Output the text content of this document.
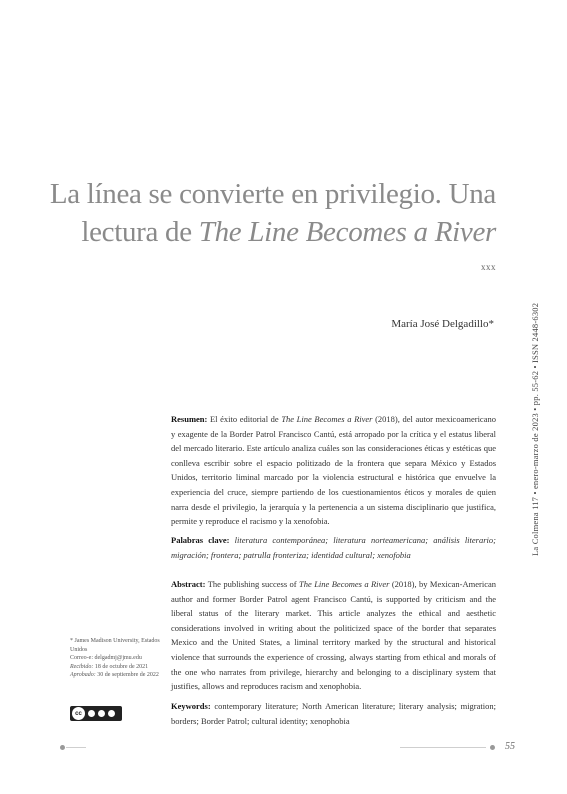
La línea se convierte en privilegio. Una
lectura de The Line Becomes a River
xxx
María José Delgadillo*	La Colmena 117 • enero-marzo de 2023 • pp. 55-62 • ISSN 2448-6302
Resumen: El éxito editorial de The Line Becomes a River (2018), del autor mexicoamericano y exagente de la Border Patrol Francisco Cantú, está arropado por la crítica y el estatus liberal del mercado literario. Este artículo analiza cuáles son las consideraciones éticas y estéticas que conlleva escribir sobre el espacio politizado de la frontera que separa México y Estados Unidos, territorio liminal marcado por la violencia estructural e histórica que envuelve la experiencia del cruce, siempre partiendo de los cuestionamientos éticos y morales de quien narra desde el privilegio, la jerarquía y la pertenencia a un sistema disciplinario que justifica, permite y reproduce el racismo y la xenofobia.
Palabras clave: literatura contemporánea; literatura norteamericana; análisis literario; migración; frontera; patrulla fronteriza; identidad cultural; xenofobia
Abstract: The publishing success of The Line Becomes a River (2018), by Mexican-American author and former Border Patrol agent Francisco Cantú, is supported by criticism and the liberal status of the literary market. This article analyzes the ethical and aesthetic considerations involved in writing about the politicized space of the border that separates Mexico and the United States, a liminal territory marked by the structural and historical violence that surrounds the experience of crossing, always starting from ethical and morals of the one who narrates from privilege, hierarchy and belonging to a disciplinary system that justifies, allows and reproduces racism and xenophobia.
Keywords: contemporary literature; North American literature; literary analysis; migration; borders; Border Patrol; cultural identity; xenophobia
* James Madison University, Estados Unidos
Correo-e: delgadmj@jmu.edu
Recibido: 18 de octubre de 2021
Aprobado: 30 de septiembre de 2022
cc
55
